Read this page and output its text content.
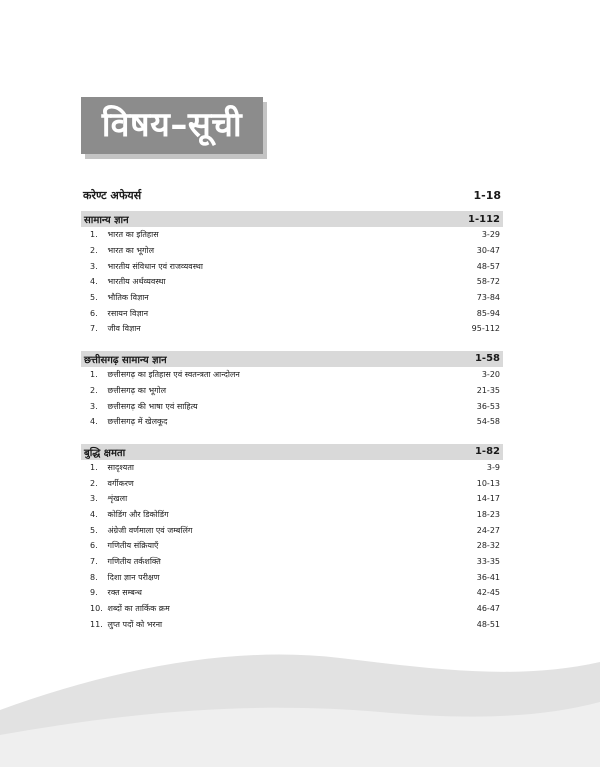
विषय–सूची
करेण्ट अफेयर्स	1-18
सामान्य ज्ञान	1-112
1. भारत का इतिहास	3-29
2. भारत का भूगोल	30-47
3. भारतीय संविधान एवं राजव्यवस्था	48-57
4. भारतीय अर्थव्यवस्था	58-72
5. भौतिक विज्ञान	73-84
6. रसायन विज्ञान	85-94
7. जीव विज्ञान	95-112
छत्तीसगढ़ सामान्य ज्ञान	1-58
1. छत्तीसगढ़ का इतिहास एवं स्वतन्त्रता आन्दोलन	3-20
2. छत्तीसगढ़ का भूगोल	21-35
3. छत्तीसगढ़ की भाषा एवं साहित्य	36-53
4. छत्तीसगढ़ में खेलकूद	54-58
बुद्धि क्षमता	1-82
1. सादृश्यता	3-9
2. वर्गीकरण	10-13
3. शृंखला	14-17
4. कोडिंग और डिकोडिंग	18-23
5. अंग्रेजी वर्णमाला एवं जम्बलिंग	24-27
6. गणितीय संक्रियाएँ	28-32
7. गणितीय तर्कशक्ति	33-35
8. दिशा ज्ञान परीक्षण	36-41
9. रक्त सम्बन्ध	42-45
10. शब्दों का तार्किक क्रम	46-47
11. लुप्त पदों को भरना	48-51
